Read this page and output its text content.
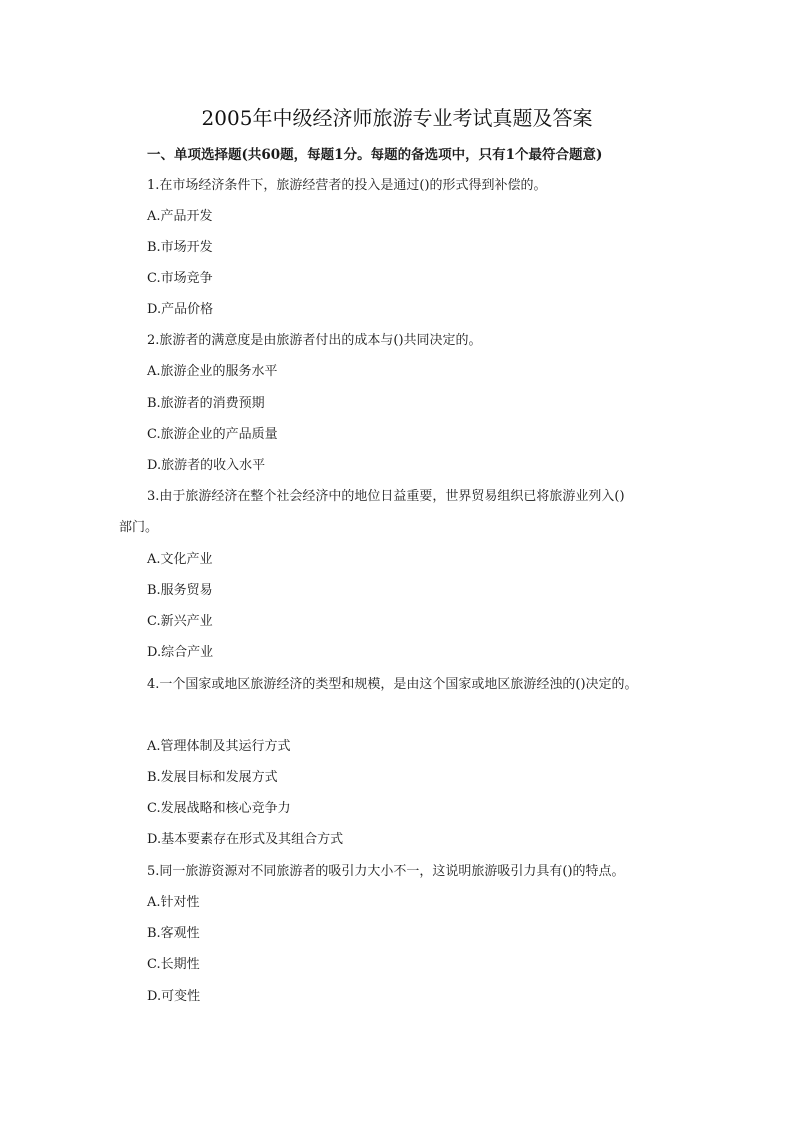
2005年中级经济师旅游专业考试真题及答案
一、单项选择题(共60题，每题1分。每题的备选项中，只有1个最符合题意)
1.在市场经济条件下，旅游经营者的投入是通过()的形式得到补偿的。
A.产品开发
B.市场开发
C.市场竞争
D.产品价格
2.旅游者的满意度是由旅游者付出的成本与()共同决定的。
A.旅游企业的服务水平
B.旅游者的消费预期
C.旅游企业的产品质量
D.旅游者的收入水平
3.由于旅游经济在整个社会经济中的地位日益重要，世界贸易组织已将旅游业列入()
部门。
A.文化产业
B.服务贸易
C.新兴产业
D.综合产业
4.一个国家或地区旅游经济的类型和规模，是由这个国家或地区旅游经浊的()决定的。
A.管理体制及其运行方式
B.发展目标和发展方式
C.发展战略和核心竞争力
D.基本要素存在形式及其组合方式
5.同一旅游资源对不同旅游者的吸引力大小不一，这说明旅游吸引力具有()的特点。
A.针对性
B.客观性
C.长期性
D.可变性
